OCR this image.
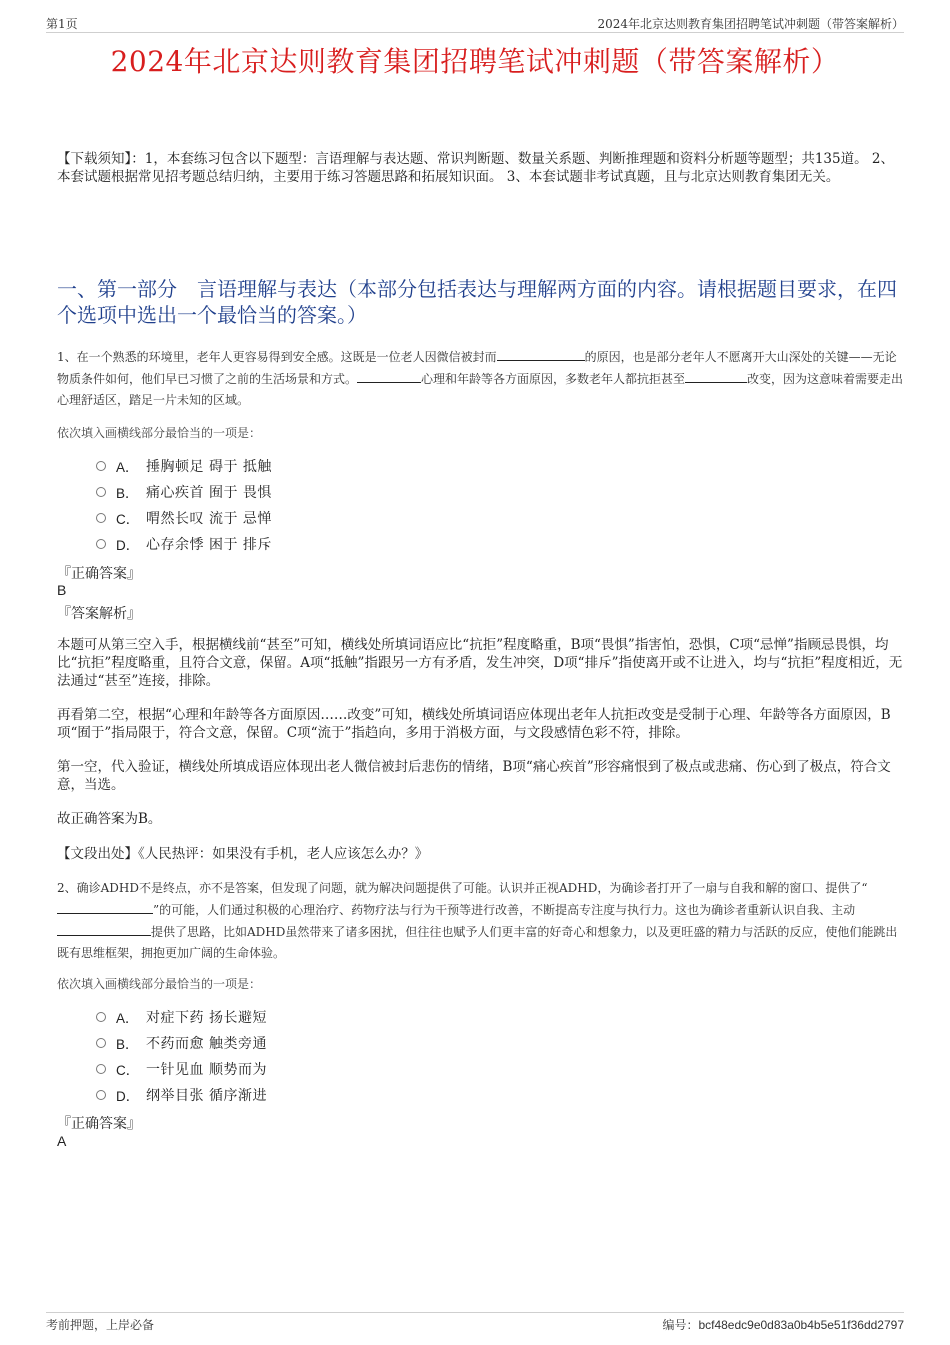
第1页	2024年北京达则教育集团招聘笔试冲刺题（带答案解析）
2024年北京达则教育集团招聘笔试冲刺题（带答案解析）

【下载须知】：1，本套练习包含以下题型：言语理解与表达题、常识判断题、数量关系题、判断推理题和资料分析题等题型；共135道。 2、本套试题根据常见招考题总结归纳，主要用于练习答题思路和拓展知识面。 3、本套试题非考试真题，且与北京达则教育集团无关。

一、第一部分　言语理解与表达（本部分包括表达与理解两方面的内容。请根据题目要求，在四个选项中选出一个最恰当的答案。）
1、在一个熟悉的环境里，老年人更容易得到安全感。这既是一位老人因微信被封而	的原因，也是部分老年人不愿离开大山深处的关键——无论物质条件如何，他们早已习惯了之前的生活场景和方式。	心理和年龄等各方面原因，多数老年人都抗拒甚至	改变，因为这意味着需要走出心理舒适区，踏足一片未知的区域。
依次填入画横线部分最恰当的一项是：
A． 捶胸顿足 碍于 抵触
B． 痛心疾首 囿于 畏惧
C． 喟然长叹 流于 忌惮
D． 心存余悸 困于 排斥
『正确答案』
B
『答案解析』

本题可从第三空入手，根据横线前“甚至”可知，横线处所填词语应比“抗拒”程度略重，B项“畏惧”指害怕，恐惧，C项“忌惮”指顾忌畏惧，均比“抗拒”程度略重，且符合文意，保留。A项“抵触”指跟另一方有矛盾，发生冲突，D项“排斥”指使离开或不让进入，均与“抗拒”程度相近，无法通过“甚至”连接，排除。

再看第二空，根据“心理和年龄等各方面原因……改变”可知，横线处所填词语应体现出老年人抗拒改变是受制于心理、年龄等各方面原因，B项“囿于”指局限于，符合文意，保留。C项“流于”指趋向，多用于消极方面，与文段感情色彩不符，排除。

第一空，代入验证，横线处所填成语应体现出老人微信被封后悲伤的情绪，B项“痛心疾首”形容痛恨到了极点或悲痛、伤心到了极点，符合文意，当选。

故正确答案为B。

【文段出处】《人民热评：如果没有手机，老人应该怎么办？》

2、确诊ADHD不是终点，亦不是答案，但发现了问题，就为解决问题提供了可能。认识并正视ADHD，为确诊者打开了一扇与自我和解的窗口、提供了“”的可能，人们通过积极的心理治疗、药物疗法与行为干预等进行改善，不断提高专注度与执行力。这也为确诊者重新认识自我、主动提供了思路，比如ADHD虽然带来了诸多困扰，但往往也赋予人们更丰富的好奇心和想象力，以及更旺盛的精力与活跃的反应，使他们能跳出既有思维框架，拥抱更加广阔的生命体验。
依次填入画横线部分最恰当的一项是：
A． 对症下药 扬长避短
B． 不药而愈 触类旁通
C． 一针见血 顺势而为
D． 纲举目张 循序渐进
『正确答案』
A
考前押题，上岸必备	编号：bcf48edc9e0d83a0b4b5e51f36dd2797
